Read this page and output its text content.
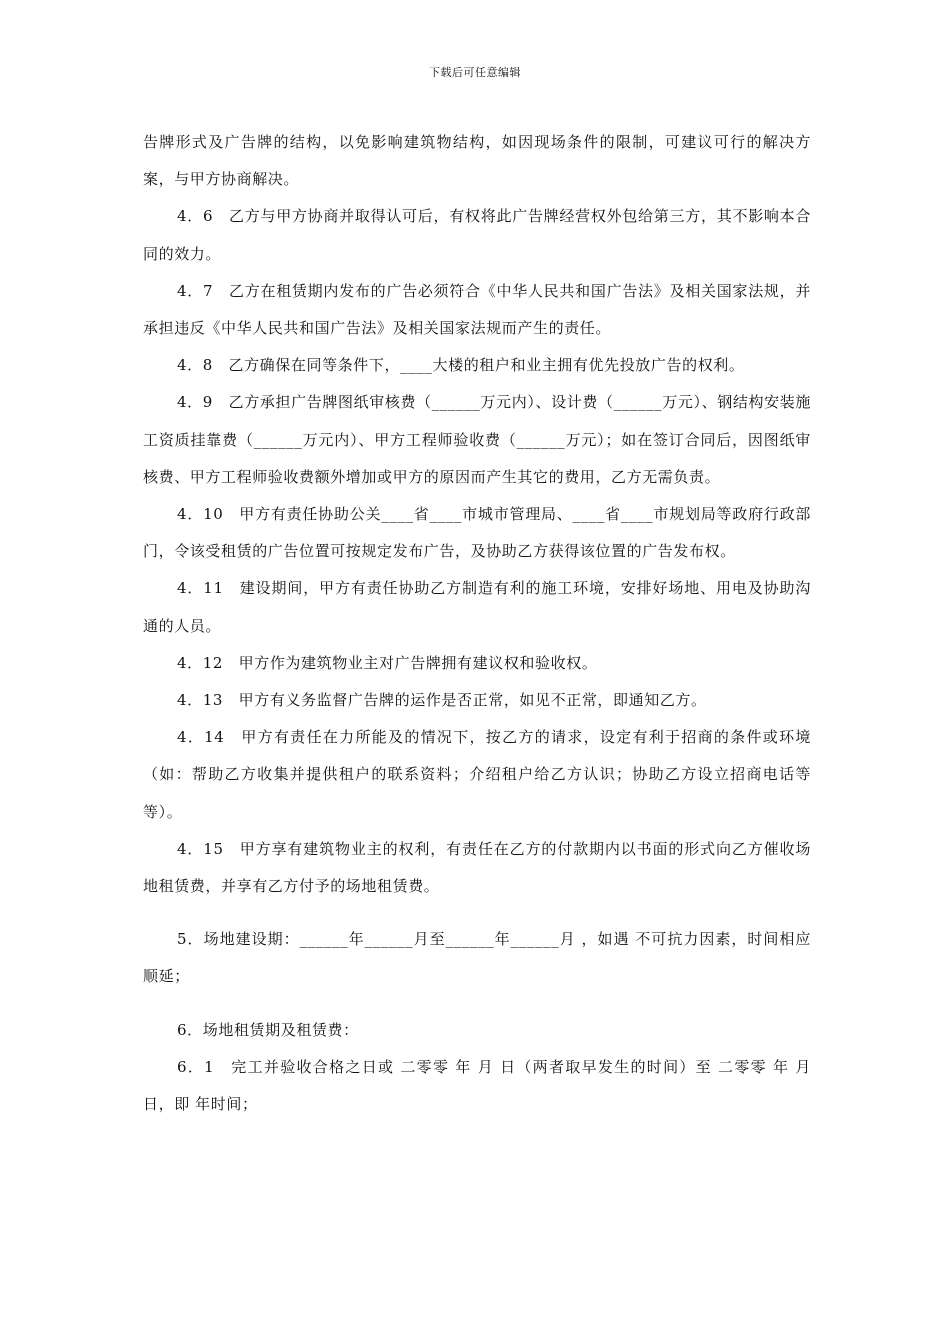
下载后可任意编辑

告牌形式及广告牌的结构，以免影响建筑物结构，如因现场条件的限制，可建议可行的解决方案，与甲方协商解决。

4．6　乙方与甲方协商并取得认可后，有权将此广告牌经营权外包给第三方，其不影响本合同的效力。

4．7　乙方在租赁期内发布的广告必须符合《中华人民共和国广告法》及相关国家法规，并承担违反《中华人民共和国广告法》及相关国家法规而产生的责任。

4．8　乙方确保在同等条件下，____大楼的租户和业主拥有优先投放广告的权利。

4．9　乙方承担广告牌图纸审核费（______万元内）、设计费（______万元）、钢结构安装施工资质挂靠费（______万元内）、甲方工程师验收费（______万元）；如在签订合同后，因图纸审核费、甲方工程师验收费额外增加或甲方的原因而产生其它的费用，乙方无需负责。

4．10　甲方有责任协助公关____省____市城市管理局、____省____市规划局等政府行政部门，令该受租赁的广告位置可按规定发布广告，及协助乙方获得该位置的广告发布权。

4．11　建设期间，甲方有责任协助乙方制造有利的施工环境，安排好场地、用电及协助沟通的人员。

4．12　甲方作为建筑物业主对广告牌拥有建议权和验收权。

4．13　甲方有义务监督广告牌的运作是否正常，如见不正常，即通知乙方。

4．14　甲方有责任在力所能及的情况下，按乙方的请求，设定有利于招商的条件或环境（如：帮助乙方收集并提供租户的联系资料；介绍租户给乙方认识；协助乙方设立招商电话等等）。

4．15　甲方享有建筑物业主的权利，有责任在乙方的付款期内以书面的形式向乙方催收场地租赁费，并享有乙方付予的场地租赁费。

5．场地建设期：______年______月至______年______月 ，如遇 不可抗力因素，时间相应顺延；

6．场地租赁期及租赁费：

6．1　完工并验收合格之日或 二零零 年 月 日（两者取早发生的时间）至 二零零 年 月 日，即 年时间；
